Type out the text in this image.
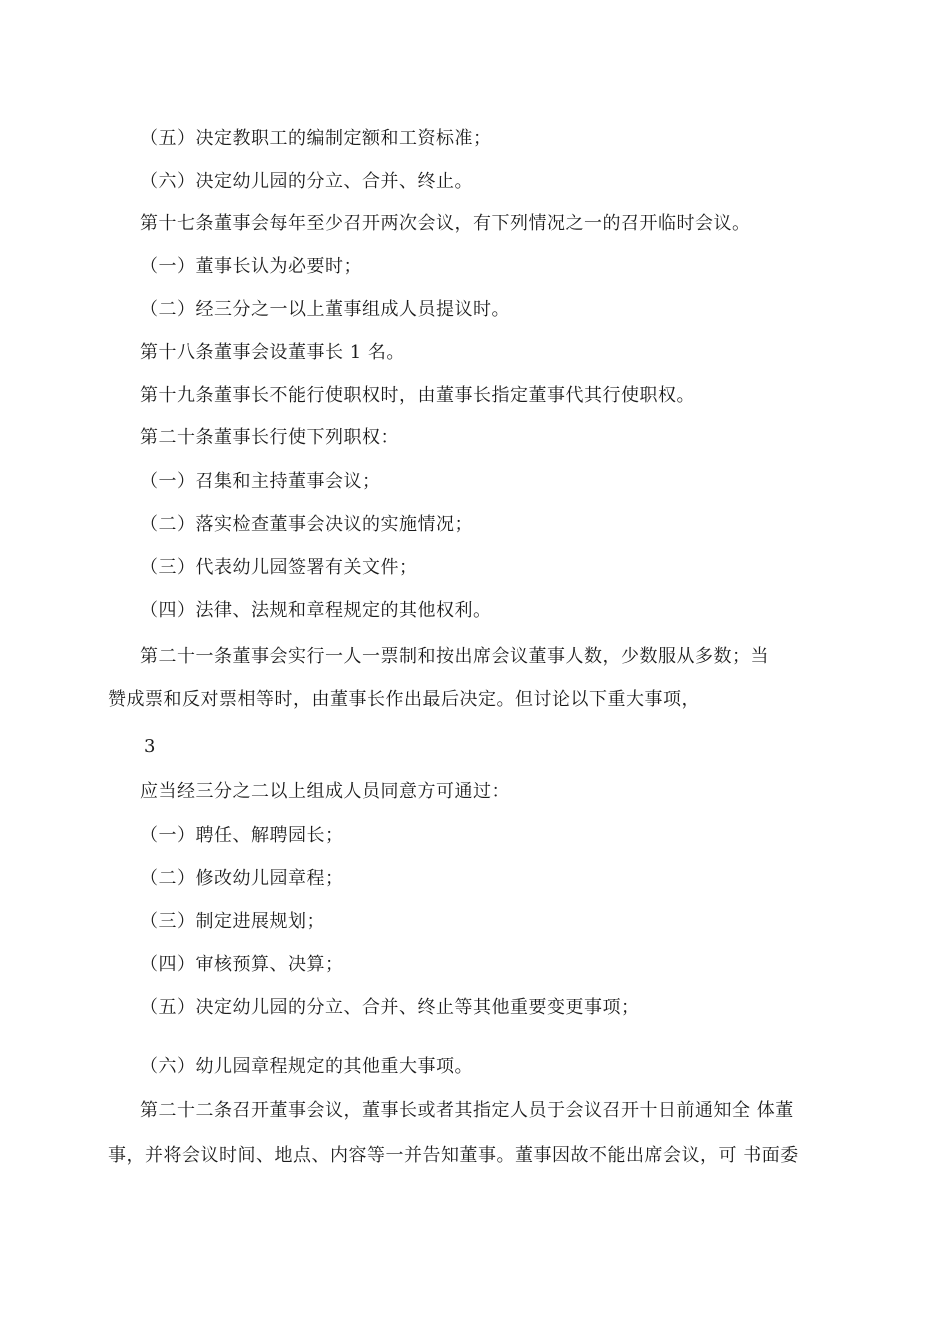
（五）决定教职工的编制定额和工资标准；
（六）决定幼儿园的分立、合并、终止。
第十七条董事会每年至少召开两次会议，有下列情况之一的召开临时会议。
（一）董事长认为必要时；
（二）经三分之一以上董事组成人员提议时。
第十八条董事会设董事长 1 名。
第十九条董事长不能行使职权时，由董事长指定董事代其行使职权。
第二十条董事长行使下列职权：
（一）召集和主持董事会议；
（二）落实检查董事会决议的实施情况；
（三）代表幼儿园签署有关文件；
（四）法律、法规和章程规定的其他权利。
第二十一条董事会实行一人一票制和按出席会议董事人数，少数服从多数；当
赞成票和反对票相等时，由董事长作出最后决定。但讨论以下重大事项，
3
应当经三分之二以上组成人员同意方可通过：
（一）聘任、解聘园长；
（二）修改幼儿园章程；
（三）制定进展规划；
（四）审核预算、决算；
（五）决定幼儿园的分立、合并、终止等其他重要变更事项；
（六）幼儿园章程规定的其他重大事项。
第二十二条召开董事会议，董事长或者其指定人员于会议召开十日前通知全 体董
事，并将会议时间、地点、内容等一并告知董事。董事因故不能出席会议，可 书面委
